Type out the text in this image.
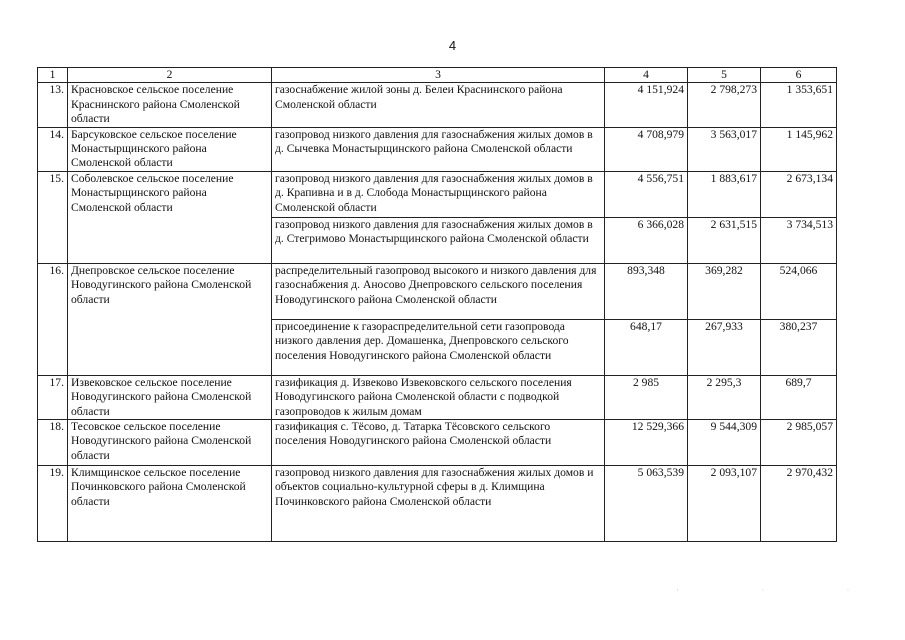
4
1	2	3	4	5	6
13.	Красновское сельское поселение Краснинского района Смоленской области	газоснабжение жилой зоны д. Белеи Краснинского района Смоленской области	4 151,924	2 798,273	1 353,651
14.	Барсуковское сельское поселение Монастырщинского района Смоленской области	газопровод низкого давления для газоснабжения жилых домов в д. Сычевка Монастырщинского района Смоленской области	4 708,979	3 563,017	1 145,962
15.	Соболевское сельское поселение Монастырщинского района Смоленской области	газопровод низкого давления для газоснабжения жилых домов в д. Крапивна и в д. Слобода Монастырщинского района Смоленской области	4 556,751	1 883,617	2 673,134
		газопровод низкого давления для газоснабжения жилых домов в д. Стегримово Монастырщинского района Смоленской области	6 366,028	2 631,515	3 734,513
16.	Днепровское сельское поселение Новодугинского района Смоленской области	распределительный газопровод высокого и низкого давления для газоснабжения д. Аносово Днепровского сельского поселения Новодугинского района Смоленской области	893,348	369,282	524,066
		присоединение к газораспределительной сети газопровода низкого давления дер. Домашенка, Днепровского сельского поселения Новодугинского района Смоленской области	648,17	267,933	380,237
17.	Извековское сельское поселение Новодугинского района Смоленской области	газификация д. Извеково Извековского сельского поселения Новодугинского района Смоленской области с подводкой газопроводов к жилым домам	2 985	2 295,3	689,7
18.	Тесовское сельское поселение Новодугинского района Смоленской области	газификация с. Тёсово, д. Татарка Тёсовского сельского поселения Новодугинского района Смоленской области	12 529,366	9 544,309	2 985,057
19.	Климщинское сельское поселение Починковского района Смоленской области	газопровод низкого давления для газоснабжения жилых домов и объектов социально-культурной сферы в д. Климщина Починковского района Смоленской области	5 063,539	2 093,107	2 970,432
· · ·
